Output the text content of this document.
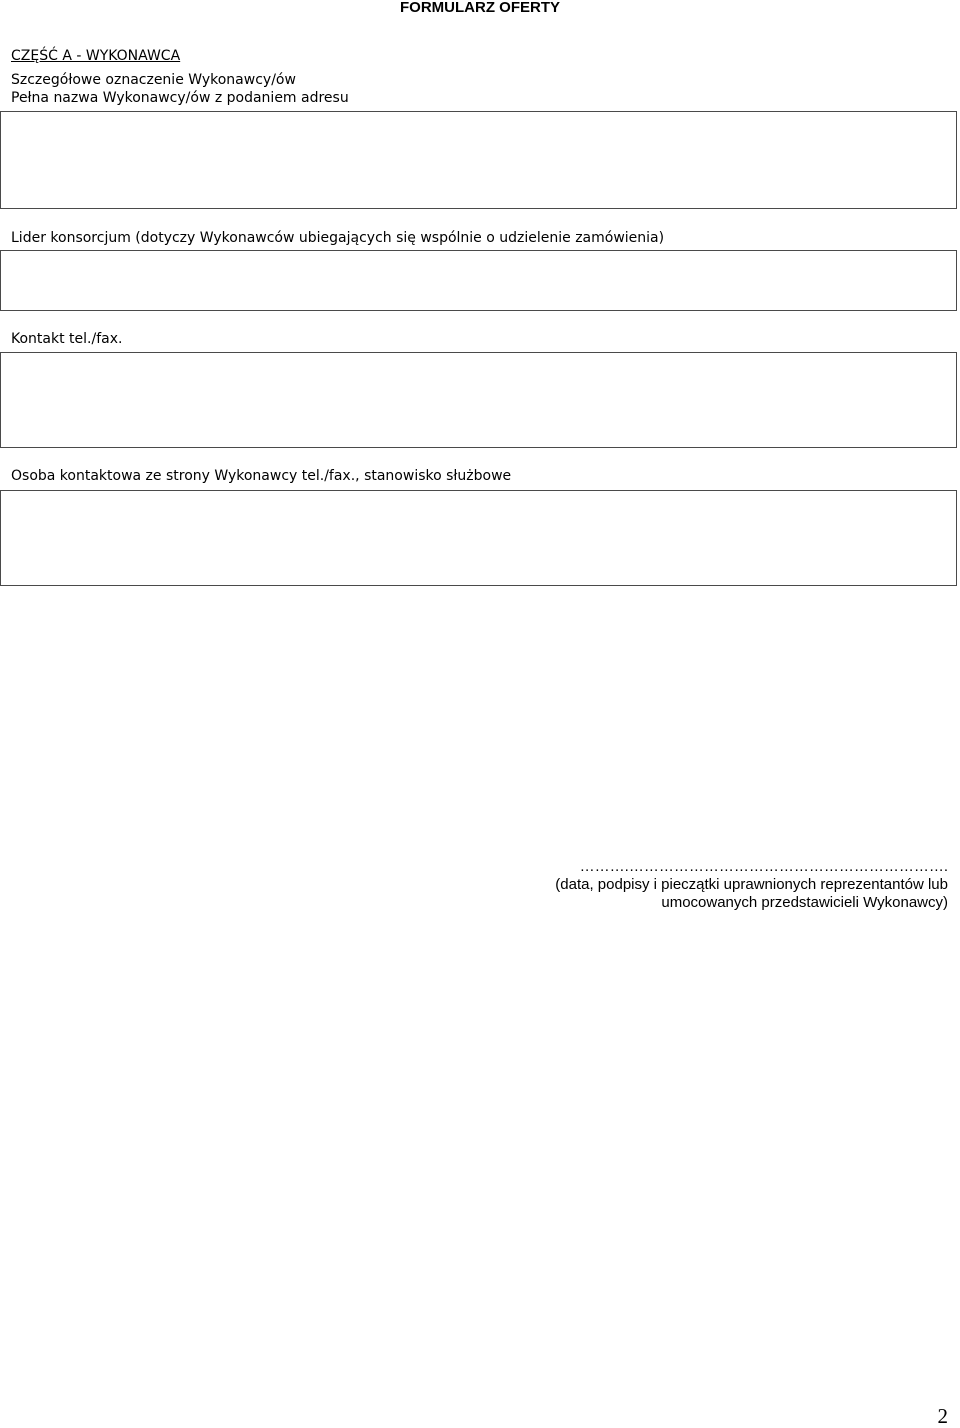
FORMULARZ OFERTY
CZĘŚĆ A - WYKONAWCA
Szczegółowe oznaczenie Wykonawcy/ów
Pełna nazwa Wykonawcy/ów z podaniem adresu
Lider konsorcjum (dotyczy Wykonawców ubiegających się wspólnie o udzielenie zamówienia)
Kontakt tel./fax.
Osoba kontaktowa ze strony Wykonawcy tel./fax., stanowisko służbowe
……….……………………………………………………….
(data, podpisy i pieczątki uprawnionych reprezentantów lub
umocowanych przedstawicieli Wykonawcy)
2
